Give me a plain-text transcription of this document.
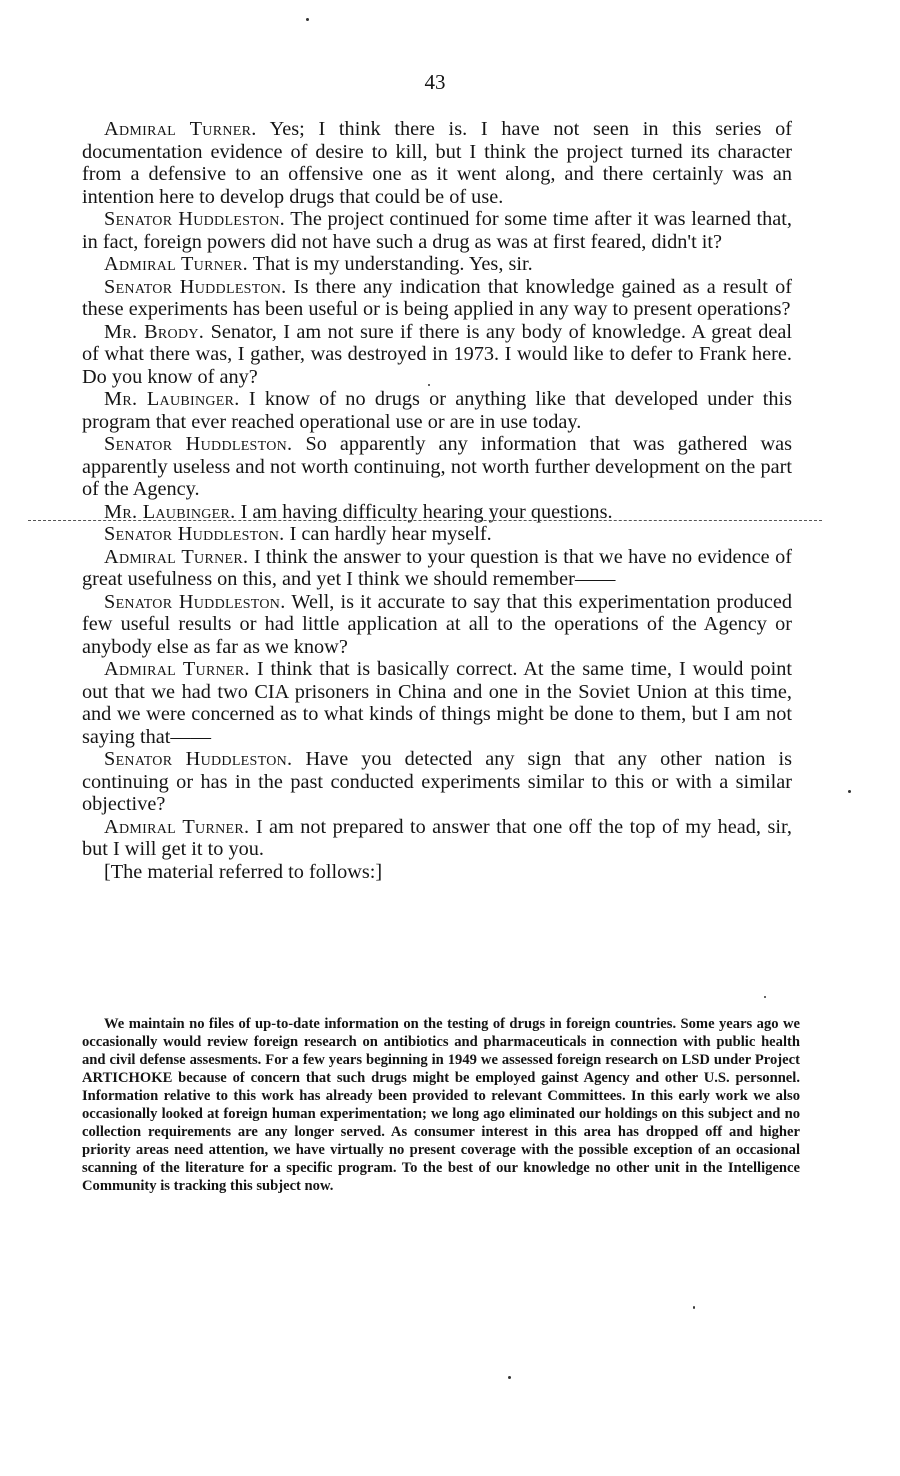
43

Admiral Turner. Yes; I think there is. I have not seen in this series of documentation evidence of desire to kill, but I think the project turned its character from a defensive to an offensive one as it went along, and there certainly was an intention here to develop drugs that could be of use.

Senator Huddleston. The project continued for some time after it was learned that, in fact, foreign powers did not have such a drug as was at first feared, didn't it?

Admiral Turner. That is my understanding. Yes, sir.

Senator Huddleston. Is there any indication that knowledge gained as a result of these experiments has been useful or is being applied in any way to present operations?

Mr. Brody. Senator, I am not sure if there is any body of knowledge. A great deal of what there was, I gather, was destroyed in 1973. I would like to defer to Frank here. Do you know of any?

Mr. Laubinger. I know of no drugs or anything like that developed under this program that ever reached operational use or are in use today.

Senator Huddleston. So apparently any information that was gathered was apparently useless and not worth continuing, not worth further development on the part of the Agency.

Mr. Laubinger. I am having difficulty hearing your questions.

Senator Huddleston. I can hardly hear myself.

Admiral Turner. I think the answer to your question is that we have no evidence of great usefulness on this, and yet I think we should remember——

Senator Huddleston. Well, is it accurate to say that this experimentation produced few useful results or had little application at all to the operations of the Agency or anybody else as far as we know?

Admiral Turner. I think that is basically correct. At the same time, I would point out that we had two CIA prisoners in China and one in the Soviet Union at this time, and we were concerned as to what kinds of things might be done to them, but I am not saying that——

Senator Huddleston. Have you detected any sign that any other nation is continuing or has in the past conducted experiments similar to this or with a similar objective?

Admiral Turner. I am not prepared to answer that one off the top of my head, sir, but I will get it to you.

[The material referred to follows:]

We maintain no files of up-to-date information on the testing of drugs in foreign countries. Some years ago we occasionally would review foreign research on antibiotics and pharmaceuticals in connection with public health and civil defense assesments. For a few years beginning in 1949 we assessed foreign research on LSD under Project ARTICHOKE because of concern that such drugs might be employed gainst Agency and other U.S. personnel. Information relative to this work has already been provided to relevant Committees. In this early work we also occasionally looked at foreign human experimentation; we long ago eliminated our holdings on this subject and no collection requirements are any longer served. As consumer interest in this area has dropped off and higher priority areas need attention, we have virtually no present coverage with the possible exception of an occasional scanning of the literature for a specific program. To the best of our knowledge no other unit in the Intelligence Community is tracking this subject now.
